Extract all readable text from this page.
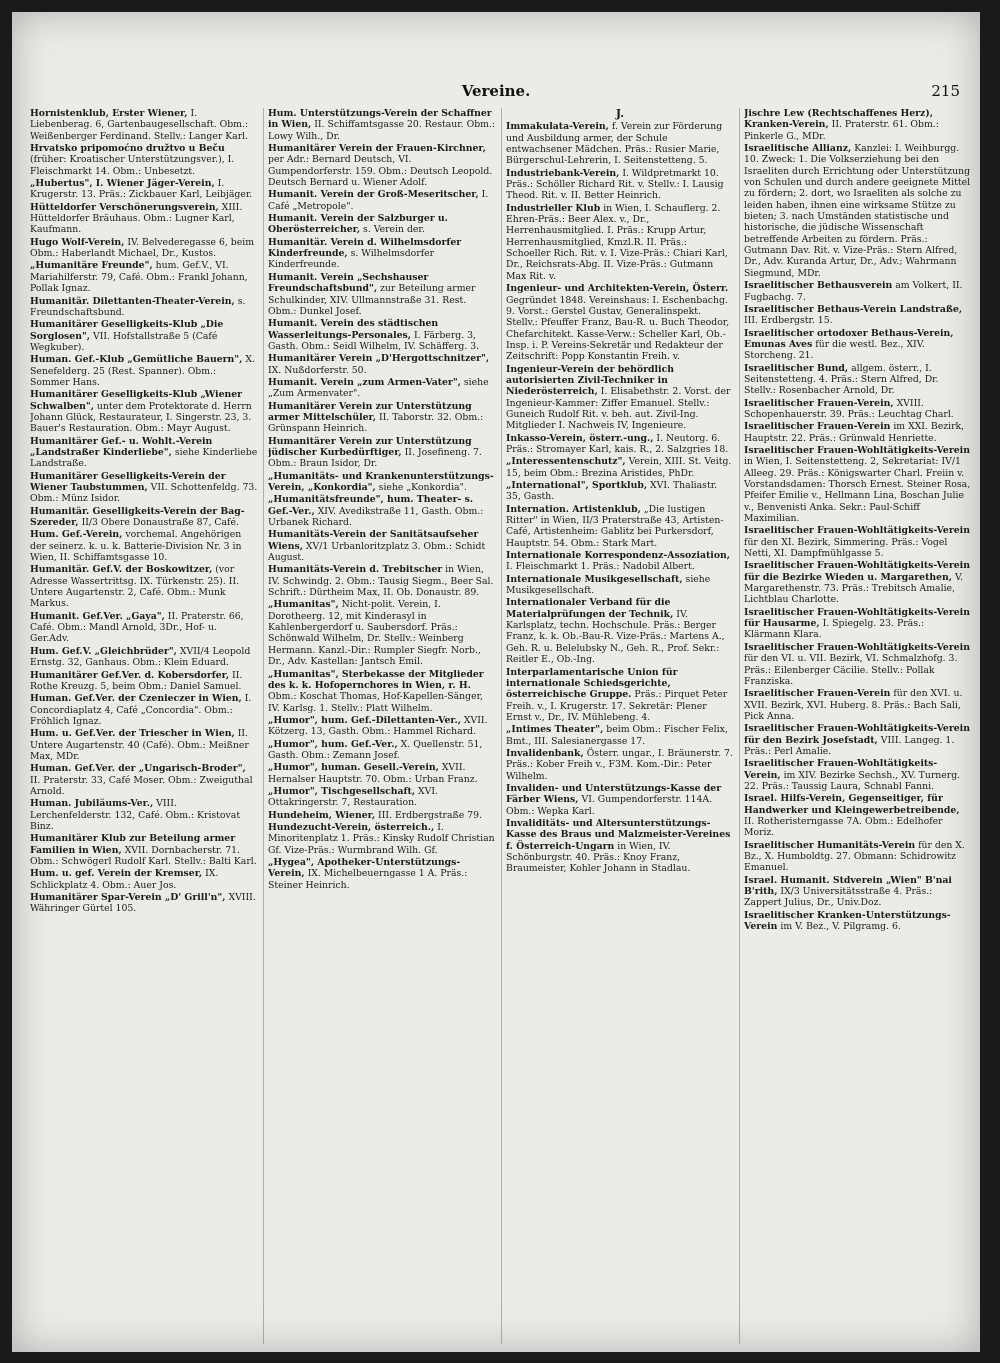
Vereine.	215

Hornistenklub, Erster Wiener, I. Liebenberag. 6, Gartenbaugesellschaft. Obm.: Weißenberger Ferdinand. Stellv.: Langer Karl.

Hrvatsko pripomoćno družtvo u Beču (früher: Kroatischer Unterstützungsver.), I. Fleischmarkt 14. Obm.: Unbesetzt.

„Hubertus", I. Wiener Jäger-Verein, I. Krugerstr. 13. Präs.: Zickbauer Karl, Leibjäger.

Hütteldorfer Verschönerungsverein, XIII. Hütteldorfer Bräuhaus. Obm.: Lugner Karl, Kaufmann.

Hugo Wolf-Verein, IV. Belvederegasse 6, beim Obm.: Haberlandt Michael, Dr., Kustos.

„Humanitäre Freunde", hum. Gef.V., VI. Mariahilferstr. 79, Café. Obm.: Frankl Johann, Pollak Ignaz.

Humanitär. Dilettanten-Theater-Verein, s. Freundschaftsbund.

Humanitärer Geselligkeits-Klub „Die Sorglosen", VII. Hofstallstraße 5 (Café Wegkuber).

Human. Gef.-Klub „Gemütliche Bauern", X. Senefelderg. 25 (Rest. Spanner). Obm.: Sommer Hans.

Humanitärer Geselligkeits-Klub „Wiener Schwalben", unter dem Protektorate d. Herrn Johann Glück, Restaurateur, I. Singerstr. 23, 3. Bauer's Restauration. Obm.: Mayr August.

Humanitärer Gef.- u. Wohlt.-Verein „Landstraßer Kinderliebe", siehe Kinderliebe Landstraße.

Humanitärer Geselligkeits-Verein der Wiener Taubstummen, VII. Schottenfeldg. 73. Obm.: Münz Isidor.

Humanitär. Geselligkeits-Verein der Bag-Szereder, II/3 Obere Donaustraße 87, Café.

Hum. Gef.-Verein, vorchemal. Angehörigen der seinerz. k. u. k. Batterie-Division Nr. 3 in Wien, II. Schiffamtsgasse 10.

Humanitär. Gef.V. der Boskowitzer, (vor Adresse Wassertrittsg. IX. Türkenstr. 25). II. Untere Augartenstr. 2, Café. Obm.: Munk Markus.

Humanit. Gef.Ver. „Gaya", II. Praterstr. 66, Café. Obm.: Mandl Arnold, 3Dr., Hof- u. Ger.Adv.

Hum. Gef.V. „Gleichbrüder", XVII/4 Leopold Ernstg. 32, Ganhaus. Obm.: Klein Eduard.

Humanitärer Gef.Ver. d. Kobersdorfer, II. Rothe Kreuzg. 5, beim Obm.: Daniel Samuel.

Human. Gef.Ver. der Czenieczer in Wien, I. Concordiaplatz 4, Café „Concordia". Obm.: Fröhlich Ignaz.

Hum. u. Gef.Ver. der Triescher in Wien, II. Untere Augartenstr. 40 (Café). Obm.: Meißner Max, MDr.

Human. Gef.Ver. der „Ungarisch-Broder", II. Praterstr. 33, Café Moser. Obm.: Zweiguthal Arnold.

Human. Jubiläums-Ver., VIII. Lerchenfelderstr. 132, Café. Obm.: Kristovat Binz.

Humanitärer Klub zur Beteilung armer Familien in Wien, XVII. Dornbacherstr. 71. Obm.: Schwögerl Rudolf Karl. Stellv.: Balti Karl.

Hum. u. gef. Verein der Kremser, IX. Schlickplatz 4. Obm.: Auer Jos.

Humanitärer Spar-Verein „D' Grill'n", XVIII. Währinger Gürtel 105.

Hum. Unterstützungs-Verein der Schaffner in Wien, II. Schiffamtsgasse 20. Restaur. Obm.: Lowy Wilh., Dr.

Humanitärer Verein der Frauen-Kirchner, per Adr.: Bernard Deutsch, VI. Gumpendorferstr. 159. Obm.: Deutsch Leopold. Deutsch Bernard u. Wiener Adolf.

Humanit. Verein der Groß-Meseritscher, I. Café „Metropole".

Humanit. Verein der Salzburger u. Oberösterreicher, s. Verein der.

Humanitär. Verein d. Wilhelmsdorfer Kinderfreunde, s. Wilhelmsdorfer Kinderfreunde.

Humanit. Verein „Sechshauser Freundschaftsbund", zur Beteilung armer Schulkinder, XIV. Ullmannstraße 31. Rest. Obm.: Dunkel Josef.

Humanit. Verein des städtischen Wasserleitungs-Personales, I. Färberg. 3, Gasth. Obm.: Seidl Wilhelm, IV. Schäfferg. 3.

Humanitärer Verein „D'Hergottschnitzer", IX. Nußdorferstr. 50.

Humanit. Verein „zum Armen-Vater", siehe „Zum Armenvater".

Humanitärer Verein zur Unterstützung armer Mittelschüler, II. Taborstr. 32. Obm.: Grünspann Heinrich.

Humanitärer Verein zur Unterstützung jüdischer Kurbedürftiger, II. Josefineng. 7. Obm.: Braun Isidor, Dr.

„Humanitäts- und Krankenunterstützungs-Verein, „Konkordia", siehe „Konkordia".

„Humanitätsfreunde", hum. Theater- s. Gef.-Ver., XIV. Avedikstraße 11, Gasth. Obm.: Urbanek Richard.

Humanitäts-Verein der Sanitätsaufseher Wiens, XV/1 Urbanloritzplatz 3. Obm.: Schidt August.

Humanitäts-Verein d. Trebitscher in Wien, IV. Schwindg. 2. Obm.: Tausig Siegm., Beer Sal. Schrift.: Dürtheim Max, II. Ob. Donaustr. 89.

„Humanitas", Nicht-polit. Verein, I. Dorotheerg. 12, mit Kinderasyl in Kahlenbergerdorf u. Saubersdorf. Präs.: Schönwald Wilhelm, Dr. Stellv.: Weinberg Hermann. Kanzl.-Dir.: Rumpler Siegfr. Norb., Dr., Adv. Kastellan: Jantsch Emil.

„Humanitas", Sterbekasse der Mitglieder des k. k. Hofopernchores in Wien, r. H. Obm.: Koschat Thomas, Hof-Kapellen-Sänger, IV. Karlsg. 1. Stellv.: Platt Wilhelm.

„Humor", hum. Gef.-Dilettanten-Ver., XVII. Kötzerg. 13, Gasth. Obm.: Hammel Richard.

„Humor", hum. Gef.-Ver., X. Quellenstr. 51, Gasth. Obm.: Zemann Josef.

„Humor", human. Gesell.-Verein, XVII. Hernalser Hauptstr. 70. Obm.: Urban Franz.

„Humor", Tischgesellschaft, XVI. Ottakringerstr. 7, Restauration.

Hundeheim, Wiener, III. Erdbergstraße 79.

Hundezucht-Verein, österreich., I. Minoritenplatz 1. Präs.: Kinsky Rudolf Christian Gf. Vize-Präs.: Wurmbrand Wilh. Gf.

„Hygea", Apotheker-Unterstützungs-Verein, IX. Michelbeuerngasse 1 A. Präs.: Steiner Heinrich.

J.

Immakulata-Verein, f. Verein zur Förderung und Ausbildung armer, der Schule entwachsener Mädchen. Präs.: Rusier Marie, Bürgerschul-Lehrerin, I. Seitenstetteng. 5.

Industriebank-Verein, I. Wildpretmarkt 10. Präs.: Schöller Richard Rit. v. Stellv.: I. Lausig Theod. Rit. v. II. Better Heinrich.

Industrieller Klub in Wien, I. Schauflerg. 2. Ehren-Präs.: Beer Alex. v., Dr., Herrenhausmitglied. I. Präs.: Krupp Artur, Herrenhausmitglied, Kmzl.R. II. Präs.: Schoeller Rich. Rit. v. I. Vize-Präs.: Chiari Karl, Dr., Reichsrats-Abg. II. Vize-Präs.: Gutmann Max Rit. v.

Ingenieur- und Architekten-Verein, Österr. Gegründet 1848. Vereinshaus: I. Eschenbachg. 9. Vorst.: Gerstel Gustav, Generalinspekt. Stellv.: Pfeuffer Franz, Bau-R. u. Buch Theodor, Chefarchitekt. Kasse-Verw.: Scheller Karl, Ob.-Insp. i. P. Vereins-Sekretär und Redakteur der Zeitschrift: Popp Konstantin Freih. v.

Ingenieur-Verein der behördlich autorisierten Zivil-Techniker in Niederösterreich, I. Elisabethstr. 2. Vorst. der Ingenieur-Kammer: Ziffer Emanuel. Stellv.: Guneich Rudolf Rit. v. beh. aut. Zivil-Ing. Mitglieder I. Nachweis IV, Ingenieure.

Inkasso-Verein, österr.-ung., I. Neutorg. 6. Präs.: Stromayer Karl, kais. R., 2. Salzgries 18.

„Interessentenschutz", Verein, XIII. St. Veitg. 15, beim Obm.: Brezina Aristides, PhDr.

„International", Sportklub, XVI. Thaliastr. 35, Gasth.

Internation. Artistenklub, „Die lustigen Ritter" in Wien, II/3 Praterstraße 43, Artisten-Café, Artistenheim: Gablitz bei Purkersdorf, Hauptstr. 54. Obm.: Stark Mart.

Internationale Korrespondenz-Assoziation, I. Fleischmarkt 1. Präs.: Nadobil Albert.

Internationale Musikgesellschaft, siehe Musikgesellschaft.

Internationaler Verband für die Materialprüfungen der Technik, IV. Karlsplatz, techn. Hochschule. Präs.: Berger Franz, k. k. Ob.-Bau-R. Vize-Präs.: Martens A., Geh. R. u. Belelubsky N., Geh. R., Prof. Sekr.: Reitler E., Ob.-Ing.

Interparlamentarische Union für internationale Schiedsgerichte, österreichische Gruppe. Präs.: Pirquet Peter Freih. v., I. Krugerstr. 17. Sekretär: Plener Ernst v., Dr., IV. Mühlebeng. 4.

„Intimes Theater", beim Obm.: Fischer Felix, Bmt., III. Salesianergasse 17.

Invalidenbank, Österr. ungar., I. Bräunerstr. 7. Präs.: Kober Freih v., F3M. Kom.-Dir.: Peter Wilhelm.

Invaliden- und Unterstützungs-Kasse der Färber Wiens, VI. Gumpendorferstr. 114A. Obm.: Wepka Karl.

Invaliditäts- und Altersunterstützungs-Kasse des Braus und Malzmeister-Vereines f. Österreich-Ungarn in Wien, IV. Schönburgstr. 40. Präs.: Knoy Franz, Braumeister, Kohler Johann in Stadlau.

Jischre Lew (Rechtschaffenes Herz), Kranken-Verein, II. Praterstr. 61. Obm.: Pinkerle G., MDr.

Israelitische Allianz, Kanzlei: I. Weihburgg. 10. Zweck: 1. Die Volkserziehung bei den Israeliten durch Errichtung oder Unterstützung von Schulen und durch andere geeignete Mittel zu fördern; 2. dort, wo Israeliten als solche zu leiden haben, ihnen eine wirksame Stütze zu bieten; 3. nach Umständen statistische und historische, die jüdische Wissenschaft betreffende Arbeiten zu fördern. Präs.: Gutmann Dav. Rit. v. Vize-Präs.: Stern Alfred, Dr., Adv. Kuranda Artur, Dr., Adv.; Wahrmann Siegmund, MDr.

Israelitischer Bethausverein am Volkert, II. Fugbachg. 7.

Israelitischer Bethaus-Verein Landstraße, III. Erdbergstr. 15.

Israelitischer ortodoxer Bethaus-Verein, Emunas Aves für die westl. Bez., XIV. Storcheng. 21.

Israelitischer Bund, allgem. österr., I. Seitenstetteng. 4. Präs.: Stern Alfred, Dr. Stellv.: Rosenbacher Arnold, Dr.

Israelitischer Frauen-Verein, XVIII. Schopenhauerstr. 39. Präs.: Leuchtag Charl.

Israelitischer Frauen-Verein im XXI. Bezirk, Hauptstr. 22. Präs.: Grünwald Henriette.

Israelitischer Frauen-Wohltätigkeits-Verein in Wien, I. Seitenstetteng. 2, Sekretariat: IV/1 Alleeg. 29. Präs.: Königswarter Charl. Freiin v. Vorstandsdamen: Thorsch Ernest. Steiner Rosa, Pfeifer Emilie v., Hellmann Lina, Boschan Julie v., Benvenisti Anka. Sekr.: Paul-Schiff Maximilian.

Israelitischer Frauen-Wohltätigkeits-Verein für den XI. Bezirk, Simmering. Präs.: Vogel Netti, XI. Dampfmühlgasse 5.

Israelitischer Frauen-Wohltätigkeits-Verein für die Bezirke Wieden u. Margarethen, V. Margarethenstr. 73. Präs.: Trebitsch Amalie, Lichtblau Charlotte.

Israelitischer Frauen-Wohltätigkeits-Verein für Hausarme, I. Spiegelg. 23. Präs.: Klärmann Klara.

Israelitischer Frauen-Wohltätigkeits-Verein für den VI. u. VII. Bezirk, VI. Schmalzhofg. 3. Präs.: Eilenberger Cäcilie. Stellv.: Pollak Franziska.

Israelitischer Frauen-Verein für den XVI. u. XVII. Bezirk, XVI. Huberg. 8. Präs.: Bach Sali, Pick Anna.

Israelitischer Frauen-Wohltätigkeits-Verein für den Bezirk Josefstadt, VIII. Langeg. 1. Präs.: Perl Amalie.

Israelitischer Frauen-Wohltätigkeits-Verein, im XIV. Bezirke Sechsh., XV. Turnerg. 22. Präs.: Taussig Laura, Schnabl Fanni.

Israel. Hilfs-Verein, Gegenseitiger, für Handwerker und Kleingewerbetreibende, II. Rotheristerngasse 7A. Obm.: Edelhofer Moriz.

Israelitischer Humanitäts-Verein für den X. Bz., X. Humboldtg. 27. Obmann: Schidrowitz Emanuel.

Israel. Humanit. Stdverein „Wien" B'nai B'rith, IX/3 Universitätsstraße 4. Präs.: Zappert Julius, Dr., Univ.Doz.

Israelitischer Kranken-Unterstützungs-Verein im V. Bez., V. Pilgramg. 6.
